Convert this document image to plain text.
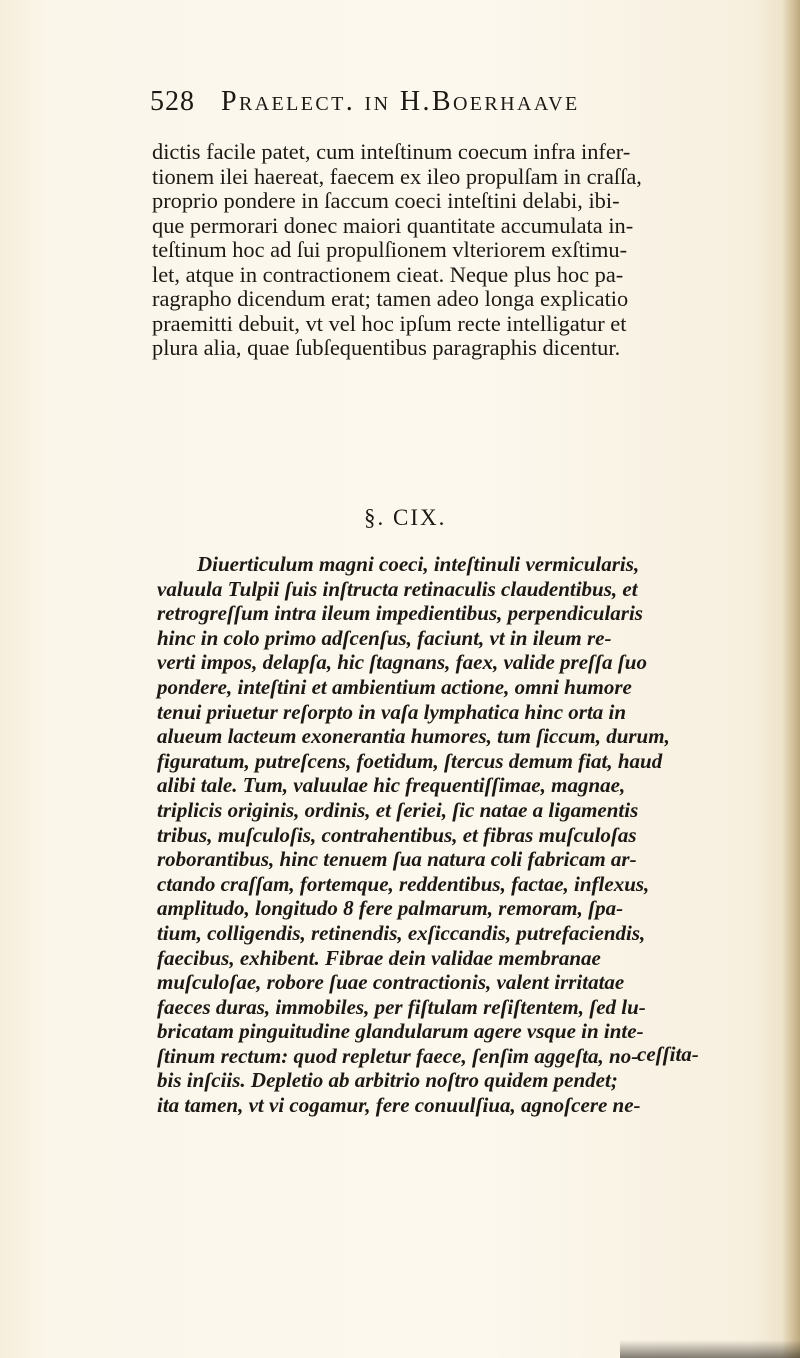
528 Praelect. in H.Boerhaave
dictis facile patet, cum inteſtinum coecum infra infer-
tionem ilei haereat, faecem ex ileo propulſam in craſſa,
proprio pondere in ſaccum coeci inteſtini delabi, ibi-
que permorari donec maiori quantitate accumulata in-
teſtinum hoc ad ſui propulſionem vlteriorem exſtimu-
let, atque in contractionem cieat. Neque plus hoc pa-
ragrapho dicendum erat; tamen adeo longa explicatio
praemitti debuit, vt vel hoc ipſum recte intelligatur et
plura alia, quae ſubſequentibus paragraphis dicentur.
§. CIX.
Diuerticulum magni coeci, inteſtinuli vermicularis,
valuula Tulpii ſuis inſtructa retinaculis claudentibus, et
retrogreſſum intra ileum impedientibus, perpendicularis
hinc in colo primo adſcenſus, faciunt, vt in ileum re-
verti impos, delapſa, hic ſtagnans, faex, valide preſſa ſuo
pondere, inteſtini et ambientium actione, omni humore
tenui priuetur reſorpto in vaſa lymphatica hinc orta in
alueum lacteum exonerantia humores, tum ſiccum, durum,
figuratum, putreſcens, foetidum, ſtercus demum fiat, haud
alibi tale. Tum, valuulae hic frequentiſſimae, magnae,
triplicis originis, ordinis, et ſeriei, ſic natae a ligamentis
tribus, muſculoſis, contrahentibus, et fibras muſculoſas
roborantibus, hinc tenuem ſua natura coli fabricam ar-
ctando craſſam, fortemque, reddentibus, factae, inflexus,
amplitudo, longitudo 8 fere palmarum, remoram, ſpa-
tium, colligendis, retinendis, exſiccandis, putrefaciendis,
faecibus, exhibent. Fibrae dein validae membranae
muſculoſae, robore ſuae contractionis, valent irritatae
faeces duras, immobiles, per fiſtulam reſiſtentem, ſed lu-
bricatam pinguitudine glandularum agere vsque in inte-
ſtinum rectum: quod repletur faece, ſenſim aggeſta, no-
bis inſciis. Depletio ab arbitrio noſtro quidem pendet;
ita tamen, vt vi cogamur, fere conuulſiua, agnoſcere ne-
ceſſita-
